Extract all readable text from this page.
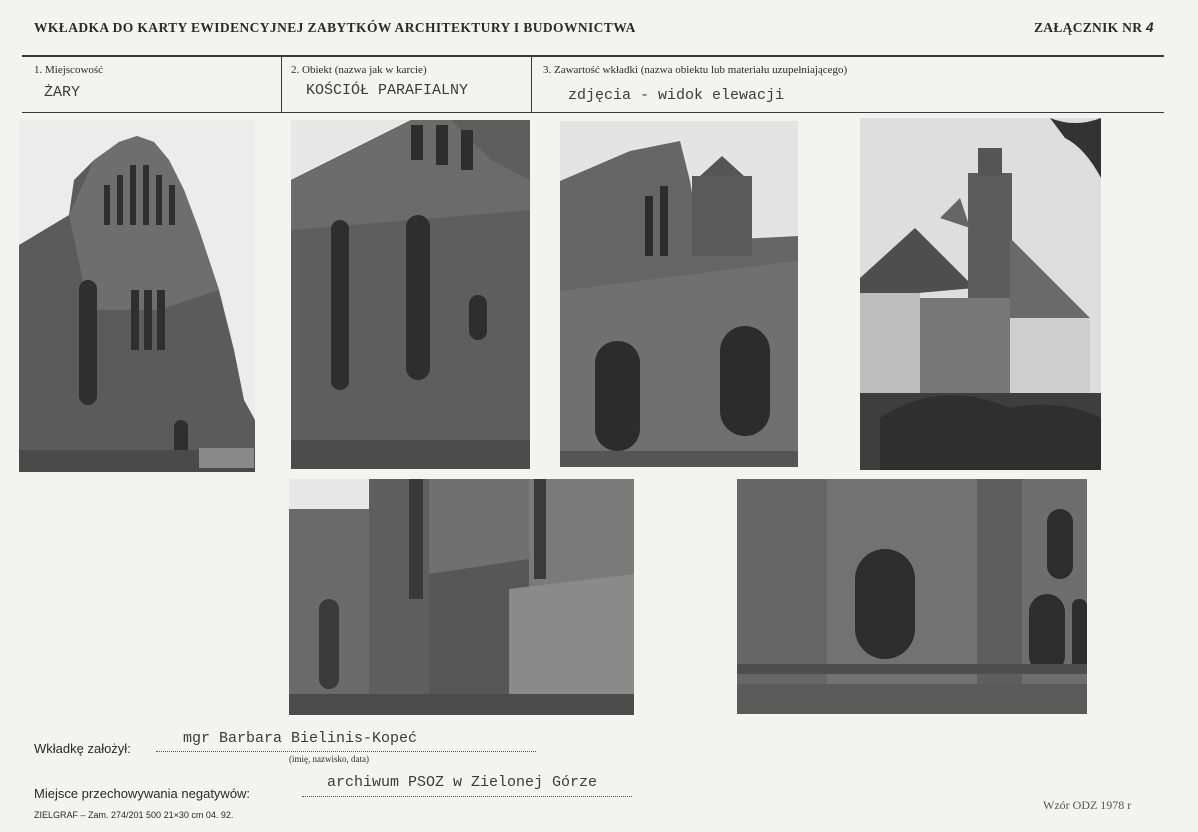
WKŁADKA DO KARTY EWIDENCYJNEJ ZABYTKÓW ARCHITEKTURY I BUDOWNICTWA	ZAŁĄCZNIK NR 4
1. Miejscowość
ŻARY
2. Obiekt (nazwa jak w karcie)
KOŚCIÓŁ PARAFIALNY
3. Zawartość wkładki (nazwa obiektu lub materiału uzupełniającego)
zdjęcia - widok elewacji
Wkładkę założył:
mgr Barbara Bielinis-Kopeć
(imię, nazwisko, data)
Miejsce przechowywania negatywów:
archiwum PSOZ w Zielonej Górze
ZIELGRAF – Zam. 274/201 500 21×30 cm 04. 92.
Wzór ODZ 1978 r
